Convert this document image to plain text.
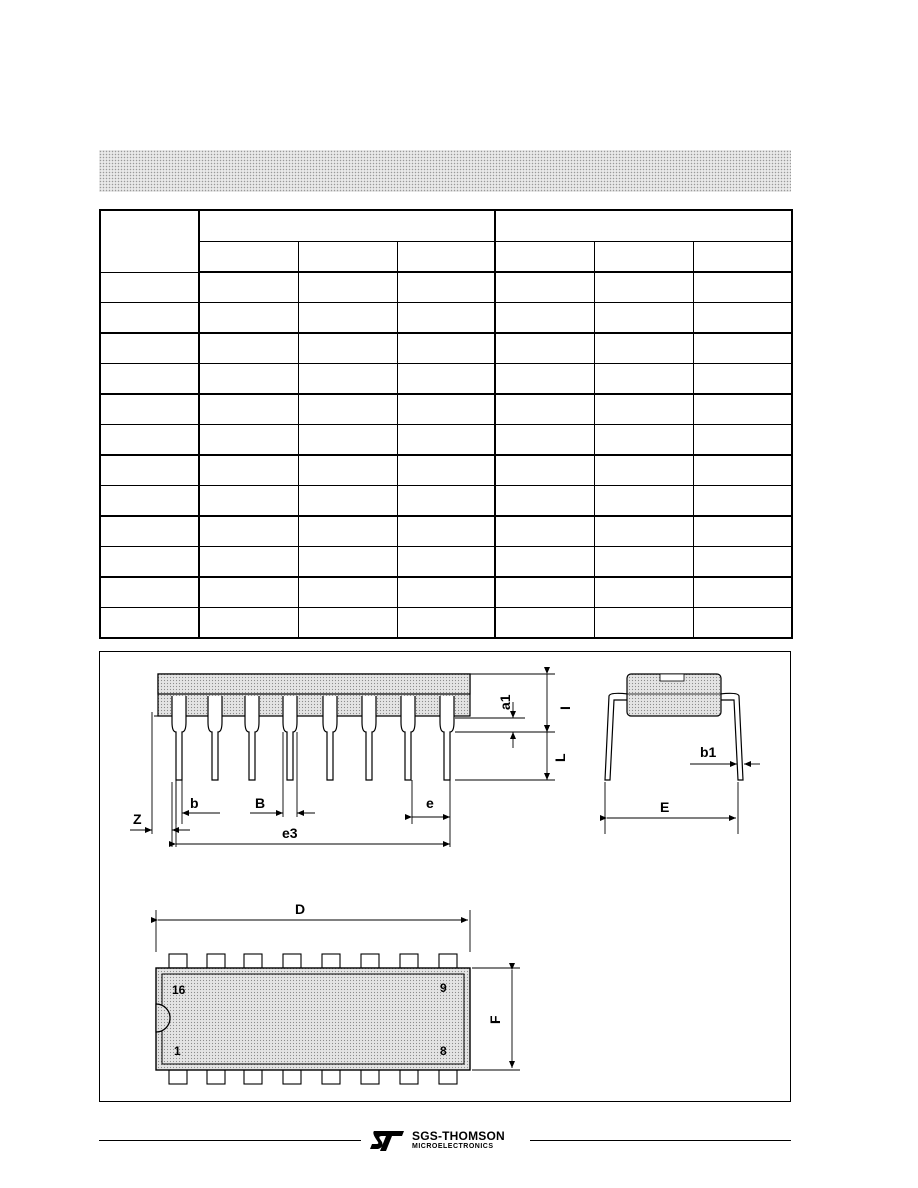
a1	I
L
Z
b	B	e
e3
b1
E
16	9
1	8
D
F
SGS-THOMSON
MICROELECTRONICS
